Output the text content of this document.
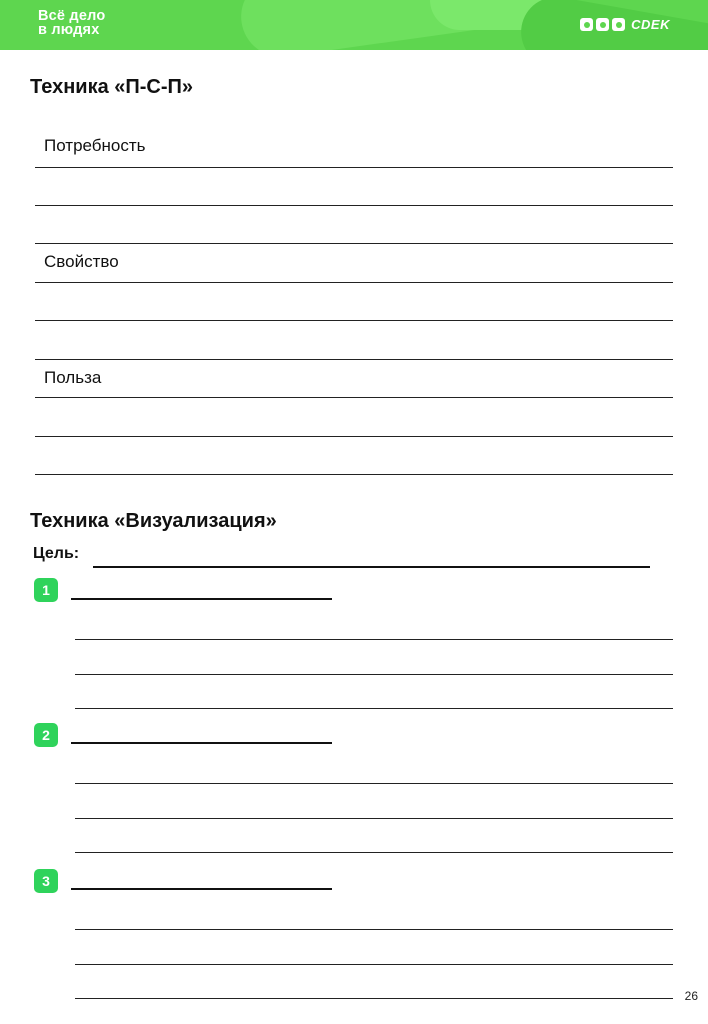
Всё дело
в людях	CDEK
Техника «П-С-П»
Потребность
Свойство
Польза
Техника «Визуализация»
Цель:
1
2
3
26
